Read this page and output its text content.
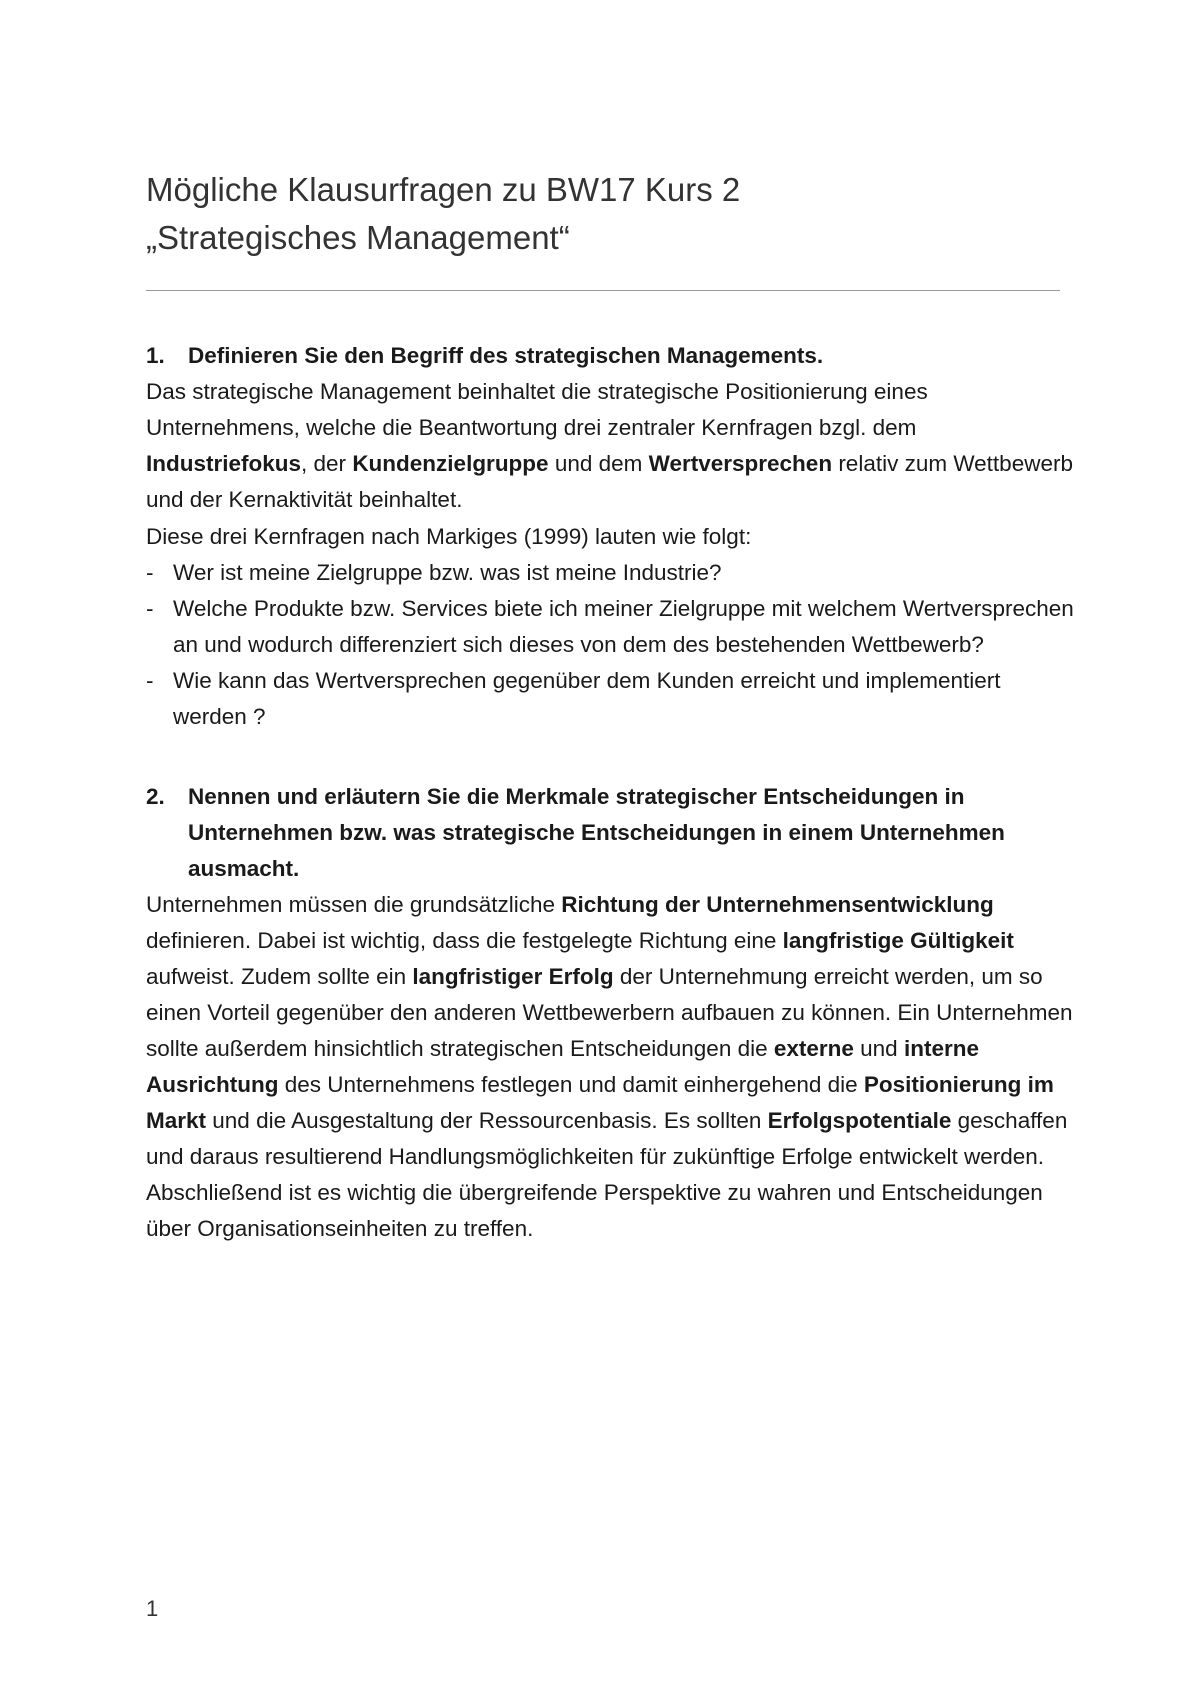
Mögliche Klausurfragen zu BW17 Kurs 2
„Strategisches Management“

1. Definieren Sie den Begriff des strategischen Managements.

Das strategische Management beinhaltet die strategische Positionierung eines Unternehmens, welche die Beantwortung drei zentraler Kernfragen bzgl. dem Industriefokus, der Kundenzielgruppe und dem Wertversprechen relativ zum Wettbewerb und der Kernaktivität beinhaltet.

Diese drei Kernfragen nach Markiges (1999) lauten wie folgt:

- Wer ist meine Zielgruppe bzw. was ist meine Industrie?

- Welche Produkte bzw. Services biete ich meiner Zielgruppe mit welchem Wertversprechen an und wodurch differenziert sich dieses von dem des bestehenden Wettbewerb?

- Wie kann das Wertversprechen gegenüber dem Kunden erreicht und implementiert werden ?

2. Nennen und erläutern Sie die Merkmale strategischer Entscheidungen in Unternehmen bzw. was strategische Entscheidungen in einem Unternehmen ausmacht.

Unternehmen müssen die grundsätzliche Richtung der Unternehmensentwicklung definieren. Dabei ist wichtig, dass die festgelegte Richtung eine langfristige Gültigkeit aufweist. Zudem sollte ein langfristiger Erfolg der Unternehmung erreicht werden, um so einen Vorteil gegenüber den anderen Wettbewerbern aufbauen zu können. Ein Unternehmen sollte außerdem hinsichtlich strategischen Entscheidungen die externe und interne Ausrichtung des Unternehmens festlegen und damit einhergehend die Positionierung im Markt und die Ausgestaltung der Ressourcenbasis. Es sollten Erfolgspotentiale geschaffen und daraus resultierend Handlungsmöglichkeiten für zukünftige Erfolge entwickelt werden. Abschließend ist es wichtig die übergreifende Perspektive zu wahren und Entscheidungen über Organisationseinheiten zu treffen.

1
